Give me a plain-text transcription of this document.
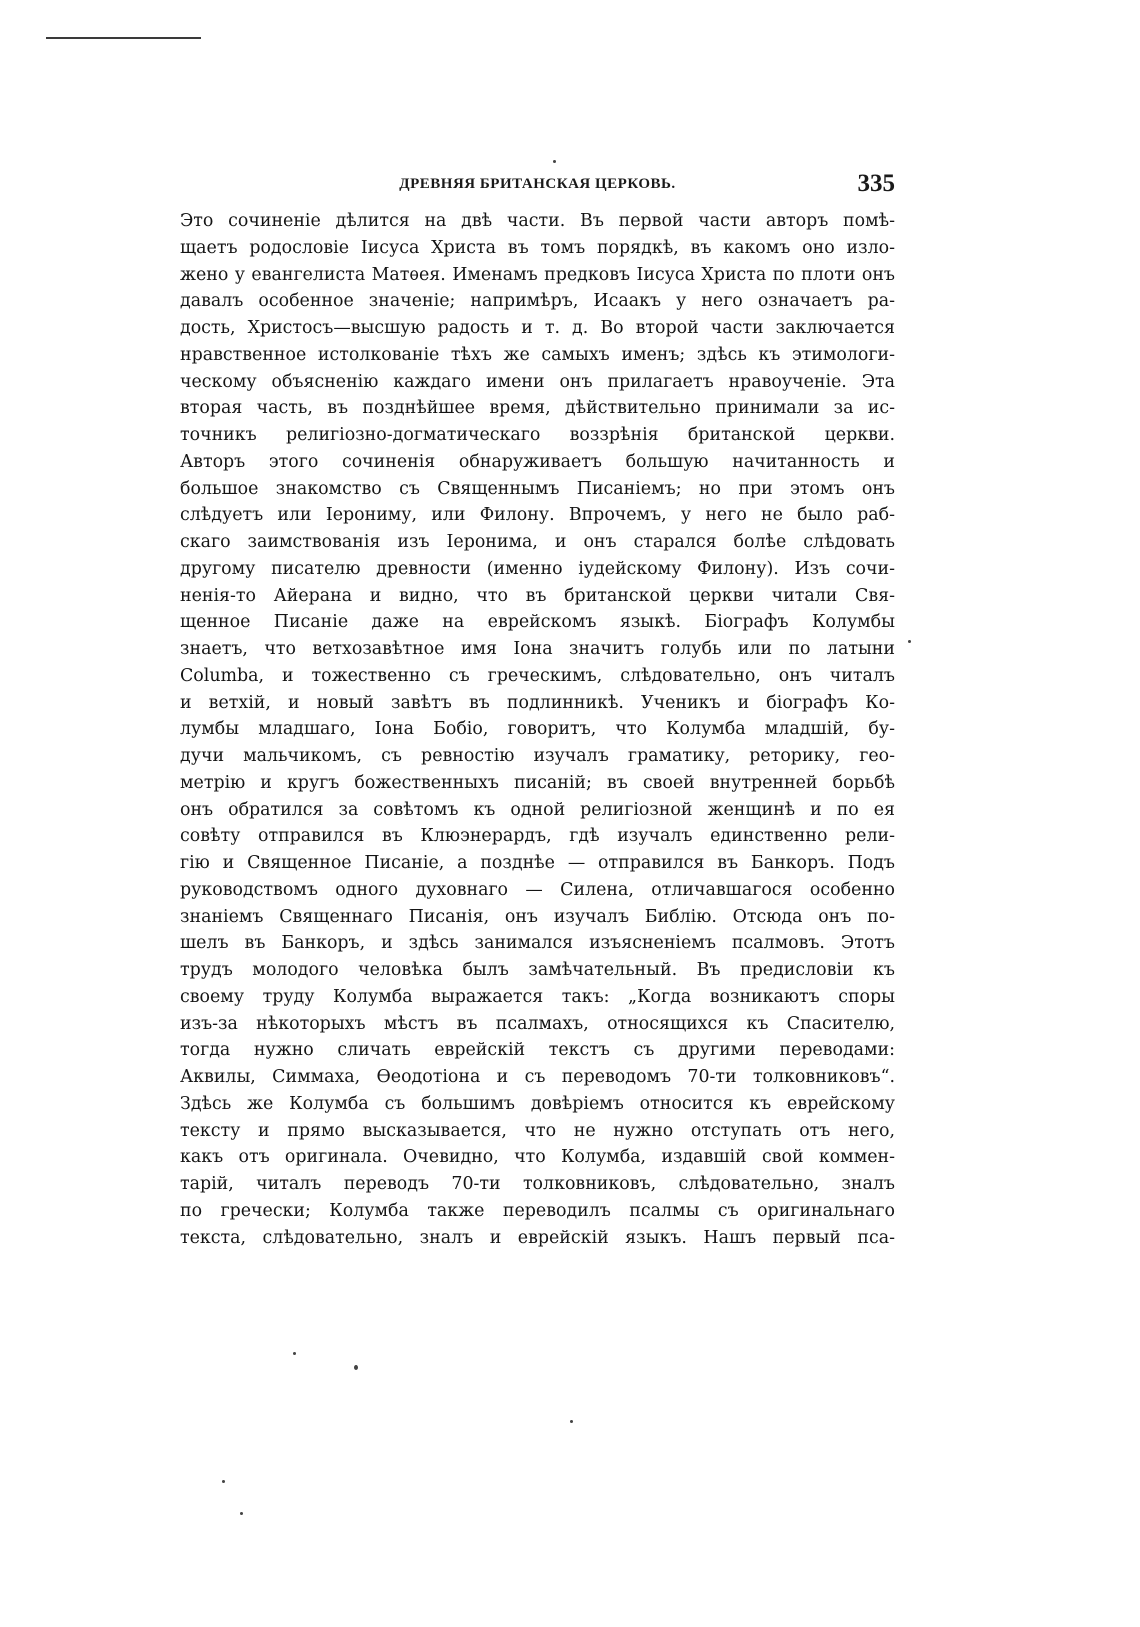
ДРЕВНЯЯ БРИТАНСКАЯ ЦЕРКОВЬ.	335
Это сочиненіе дѣлится на двѣ части. Въ первой части авторъ помѣ-
щаетъ родословіе Іисуса Христа въ томъ порядкѣ, въ какомъ оно изло-
жено у евангелиста Матѳея. Именамъ предковъ Іисуса Христа по плоти онъ
давалъ особенное значеніе; напримѣръ, Исаакъ у него означаетъ ра-
дость, Христосъ—высшую радость и т. д. Во второй части заключается
нравственное истолкованіе тѣхъ же самыхъ именъ; здѣсь къ этимологи-
ческому объясненію каждаго имени онъ прилагаетъ нравоученіе. Эта
вторая часть, въ позднѣйшее время, дѣйствительно принимали за ис-
точникъ религіозно-догматическаго воззрѣнія британской церкви.
Авторъ этого сочиненія обнаруживаетъ большую начитанность и
большое знакомство съ Священнымъ Писаніемъ; но при этомъ онъ
слѣдуетъ или Іерониму, или Филону. Впрочемъ, у него не было раб-
скаго заимствованія изъ Іеронима, и онъ старался болѣе слѣдовать
другому писателю древности (именно іудейскому Филону). Изъ сочи-
ненія-то Айерана и видно, что въ британской церкви читали Свя-
щенное Писаніе даже на еврейскомъ языкѣ. Біографъ Колумбы
знаетъ, что ветхозавѣтное имя Іона значитъ голубь или по латыни
Columba, и тожественно съ греческимъ, слѣдовательно, онъ читалъ
и ветхій, и новый завѣтъ въ подлинникѣ. Ученикъ и біографъ Ко-
лумбы младшаго, Іона Бобіо, говоритъ, что Колумба младшій, бу-
дучи мальчикомъ, съ ревностію изучалъ граматику, реторику, гео-
метрію и кругъ божественныхъ писаній; въ своей внутренней борьбѣ
онъ обратился за совѣтомъ къ одной религіозной женщинѣ и по ея
совѣту отправился въ Клюэнерардъ, гдѣ изучалъ единственно рели-
гію и Священное Писаніе, а позднѣе — отправился въ Банкоръ. Подъ
руководствомъ одного духовнаго — Силена, отличавшагося особенно
знаніемъ Священнаго Писанія, онъ изучалъ Библію. Отсюда онъ по-
шелъ въ Банкоръ, и здѣсь занимался изъясненіемъ псалмовъ. Этотъ
трудъ молодого человѣка былъ замѣчательный. Въ предисловіи къ
своему труду Колумба выражается такъ: „Когда возникаютъ споры
изъ-за нѣкоторыхъ мѣстъ въ псалмахъ, относящихся къ Спасителю,
тогда нужно сличать еврейскій текстъ съ другими переводами:
Аквилы, Симмаха, Ѳеодотіона и съ переводомъ 70-ти толковниковъ“.
Здѣсь же Колумба съ большимъ довѣріемъ относится къ еврейскому
тексту и прямо высказывается, что не нужно отступать отъ него,
какъ отъ оригинала. Очевидно, что Колумба, издавшій свой коммен-
тарій, читалъ переводъ 70-ти толковниковъ, слѣдовательно, зналъ
по гречески; Колумба также переводилъ псалмы съ оригинальнаго
текста, слѣдовательно, зналъ и еврейскій языкъ. Нашъ первый пса-
